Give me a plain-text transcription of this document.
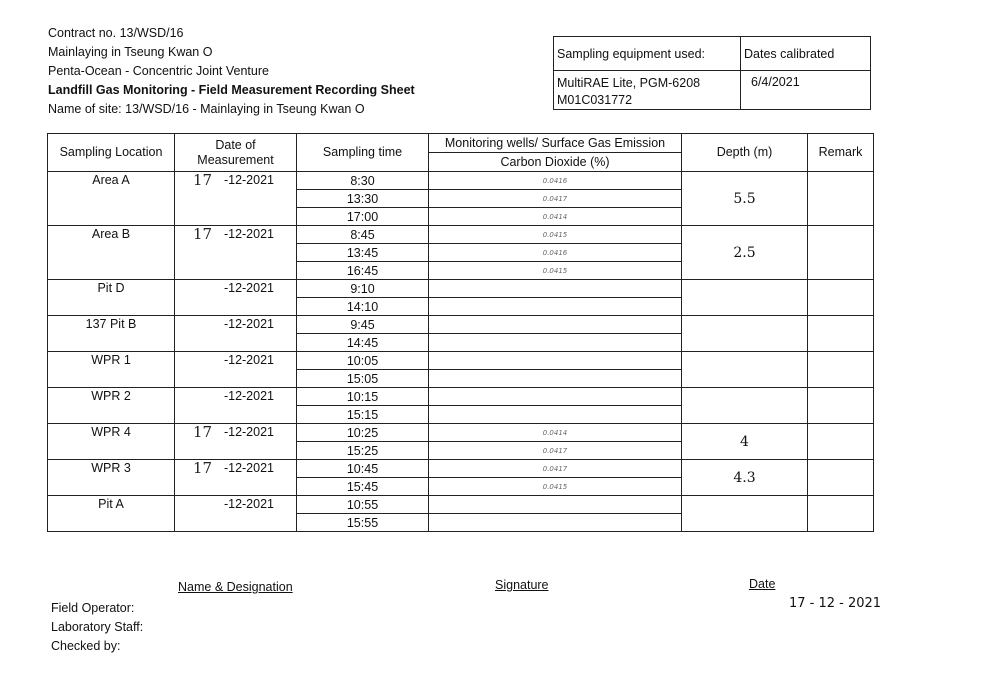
Contract no. 13/WSD/16
Mainlaying in Tseung Kwan O
Penta-Ocean - Concentric Joint Venture
Landfill Gas Monitoring - Field Measurement Recording Sheet
Name of site: 13/WSD/16 - Mainlaying in Tseung Kwan O
Sampling equipment used:	Dates calibrated

MultiRAE Lite, PGM-6208
M01C031772	6/4/2021
Sampling Location	Date of Measurement	Sampling time	Monitoring wells/ Surface Gas Emission
Carbon Dioxide (%)	Depth (m)	Remark
Area A	17 -12-2021	8:30	0.0416	5.5	
		13:30	0.0417		
		17:00	0.0414		
Area B	17 -12-2021	8:45	0.0415	2.5	
		13:45	0.0416		
		16:45	0.0415		
Pit D	-12-2021	9:10			
		14:10			
137 Pit B	-12-2021	9:45			
		14:45			
WPR 1	-12-2021	10:05			
		15:05			
WPR 2	-12-2021	10:15			
		15:15			
WPR 4	17 -12-2021	10:25	0.0414	4	
		15:25	0.0417		
WPR 3	17 -12-2021	10:45	0.0417	4.3	
		15:45	0.0415		
Pit A	-12-2021	10:55			
		15:55			
Name & Designation	Signature	Date
17 - 12 - 2021
Field Operator:
Laboratory Staff:
Checked by:
